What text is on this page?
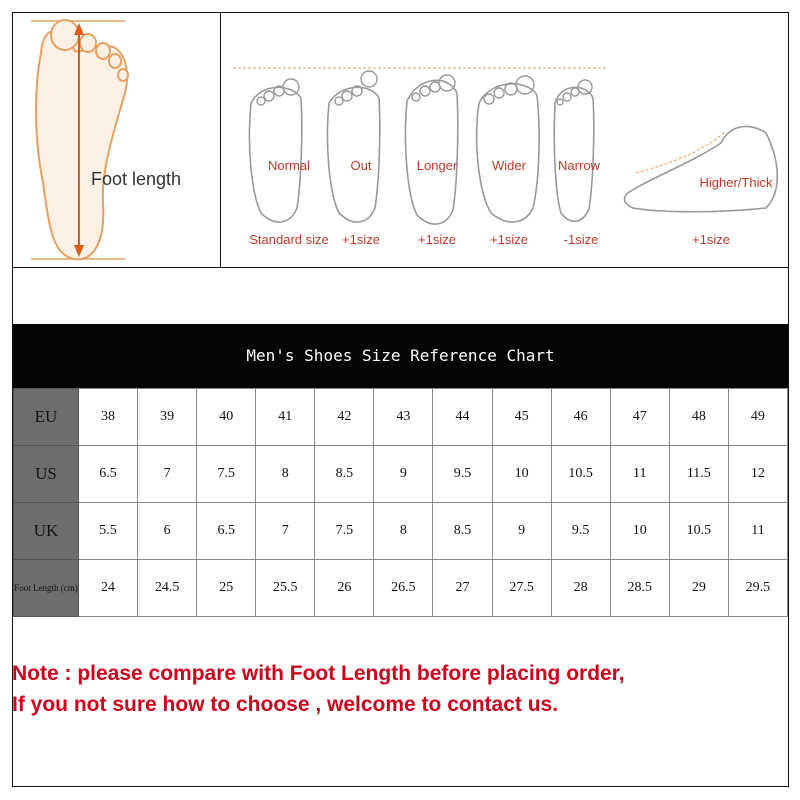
Foot length
Normal	Out	Longer	Wider	Narrow
Higher/Thick
Standard size	+1size	+1size	+1size	-1size	+1size
Men's Shoes Size Reference Chart
EU	38	39	40	41	42	43	44	45	46	47	48	49
US	6.5	7	7.5	8	8.5	9	9.5	10	10.5	11	11.5	12
UK	5.5	6	6.5	7	7.5	8	8.5	9	9.5	10	10.5	11
Foot Length (cm)	24	24.5	25	25.5	26	26.5	27	27.5	28	28.5	29	29.5
Note : please compare with Foot Length before placing order,
If you not sure how to choose , welcome to contact us.
